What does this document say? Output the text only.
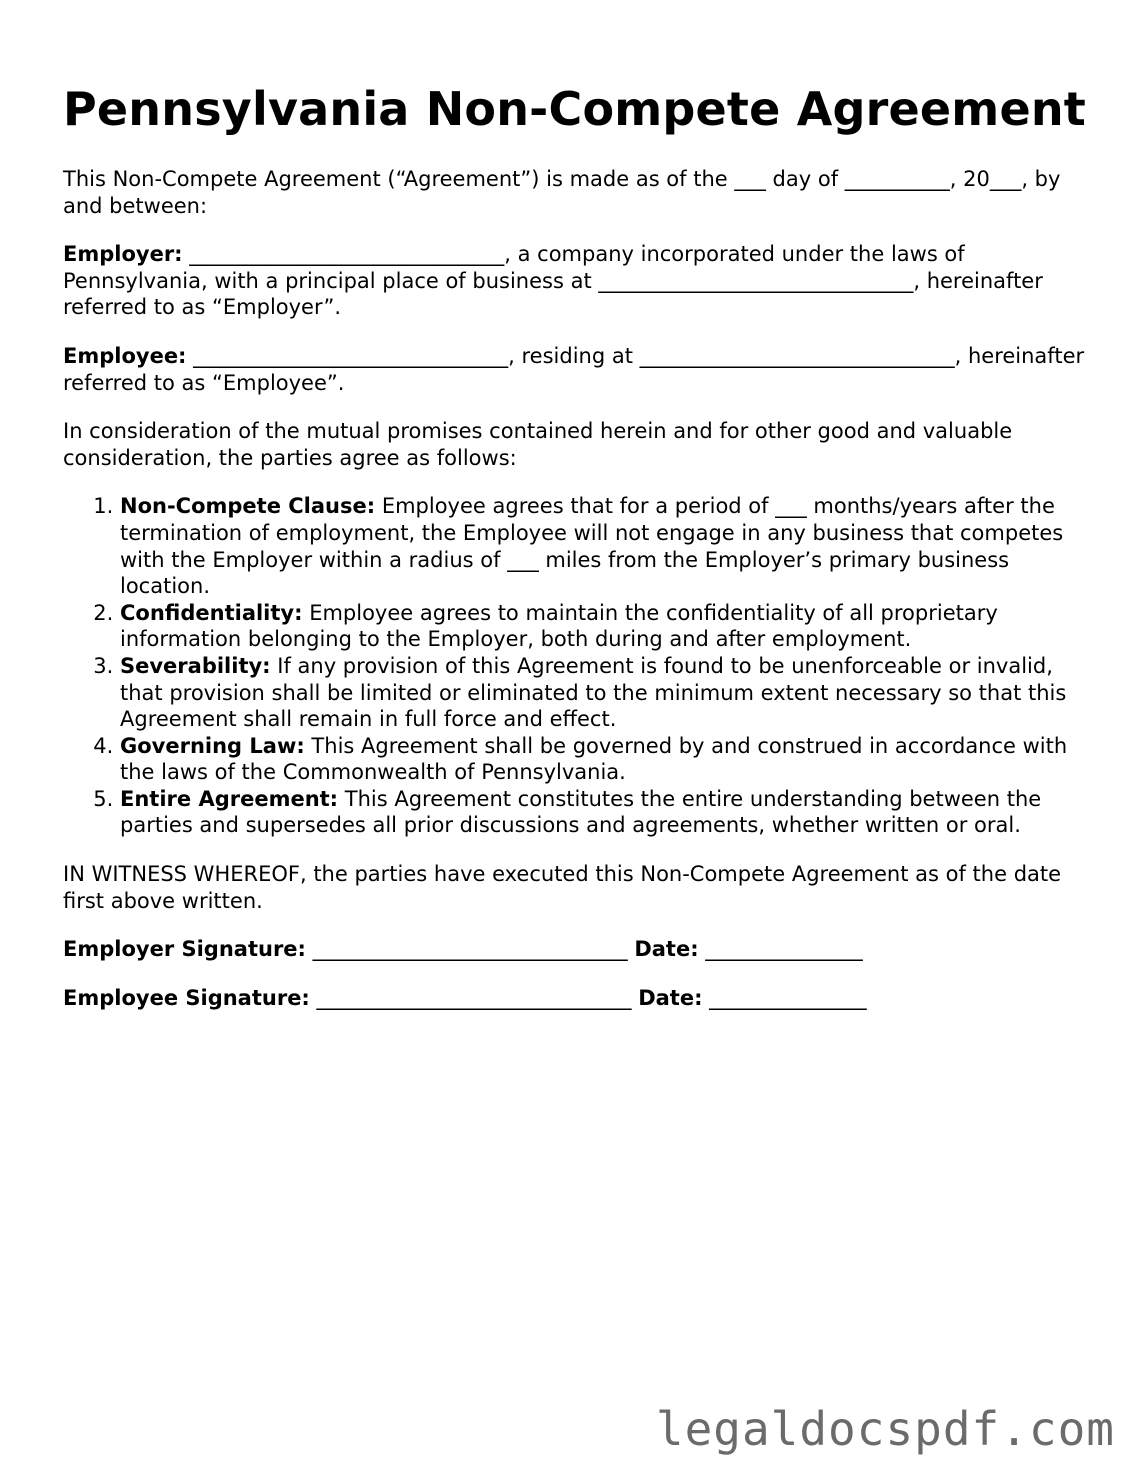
Pennsylvania Non-Compete Agreement

This Non-Compete Agreement (“Agreement”) is made as of the ___ day of __________, 20___, by and between:

Employer: ______________________________, a company incorporated under the laws of Pennsylvania, with a principal place of business at ______________________________, hereinafter referred to as “Employer”.

Employee: ______________________________, residing at ______________________________, hereinafter referred to as “Employee”.

In consideration of the mutual promises contained herein and for other good and valuable consideration, the parties agree as follows:

1. Non-Compete Clause: Employee agrees that for a period of ___ months/years after the termination of employment, the Employee will not engage in any business that competes with the Employer within a radius of ___ miles from the Employer’s primary business location.
2. Confidentiality: Employee agrees to maintain the confidentiality of all proprietary information belonging to the Employer, both during and after employment.
3. Severability: If any provision of this Agreement is found to be unenforceable or invalid, that provision shall be limited or eliminated to the minimum extent necessary so that this Agreement shall remain in full force and effect.
4. Governing Law: This Agreement shall be governed by and construed in accordance with the laws of the Commonwealth of Pennsylvania.
5. Entire Agreement: This Agreement constitutes the entire understanding between the parties and supersedes all prior discussions and agreements, whether written or oral.

IN WITNESS WHEREOF, the parties have executed this Non-Compete Agreement as of the date first above written.

Employer Signature: ______________________________ Date: _______________

Employee Signature: ______________________________ Date: _______________

legaldocspdf.com
